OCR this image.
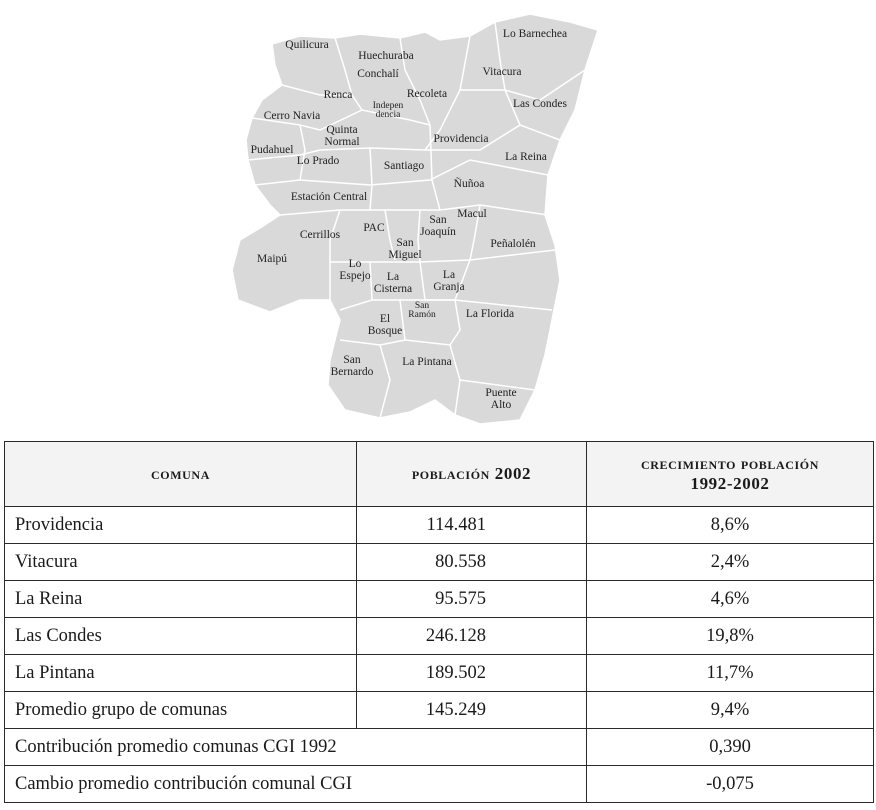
Quilicura
Huechuraba
Conchalí
Renca	Recoleta
Indepen dencia
Cerro Navia
Quinta Normal
Pudahuel
Lo Prado	Santiago
Providencia
Lo Barnechea
Vitacura
Las Condes
La Reina
Ñuñoa
Estación Central
PAC
San Joaquín
Macul
Cerrillos
San Miguel
Peñalolén
Maipú	Lo Espejo	La Cisterna
La Granja
San Ramón
El Bosque
La Florida
San Bernardo
La Pintana
Puente Alto
comuna	población 2002	crecimiento población
1992-2002
Providencia	114.481	8,6%
Vitacura	80.558	2,4%
La Reina	95.575	4,6%
Las Condes	246.128	19,8%
La Pintana	189.502	11,7%
Promedio grupo de comunas	145.249	9,4%
Contribución promedio comunas CGI 1992		0,390
Cambio promedio contribución comunal CGI		-0,075
